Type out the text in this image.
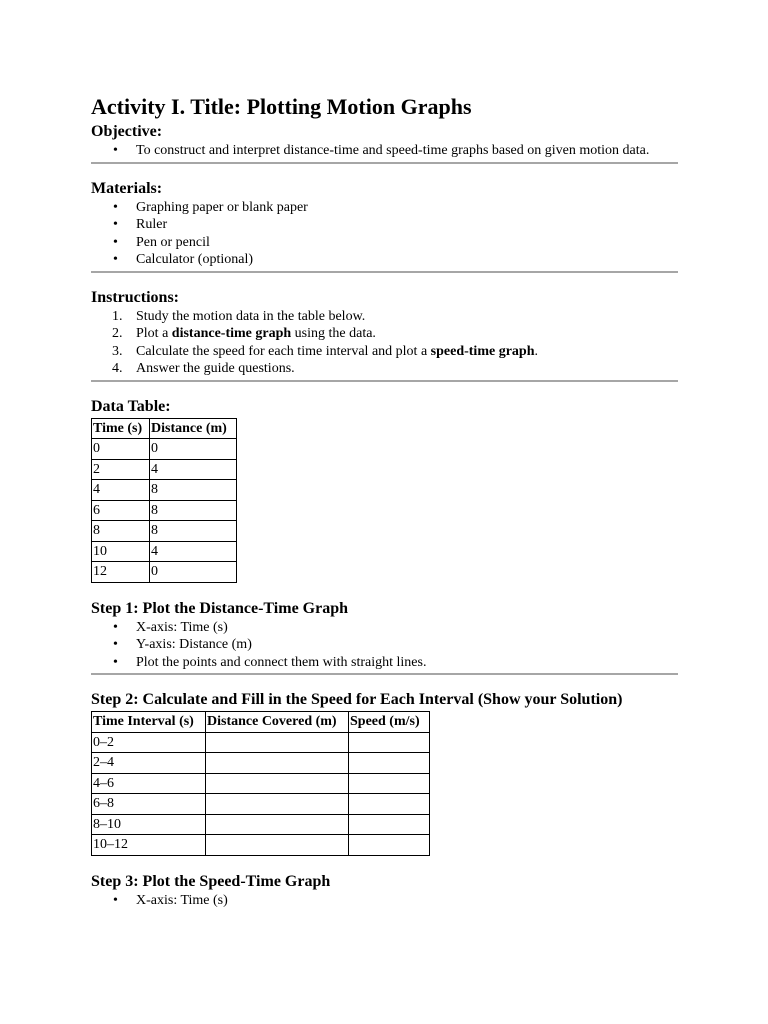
Activity I. Title: Plotting Motion Graphs
Objective:
• To construct and interpret distance-time and speed-time graphs based on given motion data.
Materials:
• Graphing paper or blank paper
• Ruler
• Pen or pencil
• Calculator (optional)
Instructions:
1. Study the motion data in the table below.
2. Plot a distance-time graph using the data.
3. Calculate the speed for each time interval and plot a speed-time graph.
4. Answer the guide questions.
Data Table:
Time (s)	Distance (m)
0	0
2	4
4	8
6	8
8	8
10	4
12	0
Step 1: Plot the Distance-Time Graph
• X-axis: Time (s)
• Y-axis: Distance (m)
• Plot the points and connect them with straight lines.
Step 2: Calculate and Fill in the Speed for Each Interval (Show your Solution)
Time Interval (s)	Distance Covered (m)	Speed (m/s)
0–2		
2–4		
4–6		
6–8		
8–10		
10–12		
Step 3: Plot the Speed-Time Graph
• X-axis: Time (s)
